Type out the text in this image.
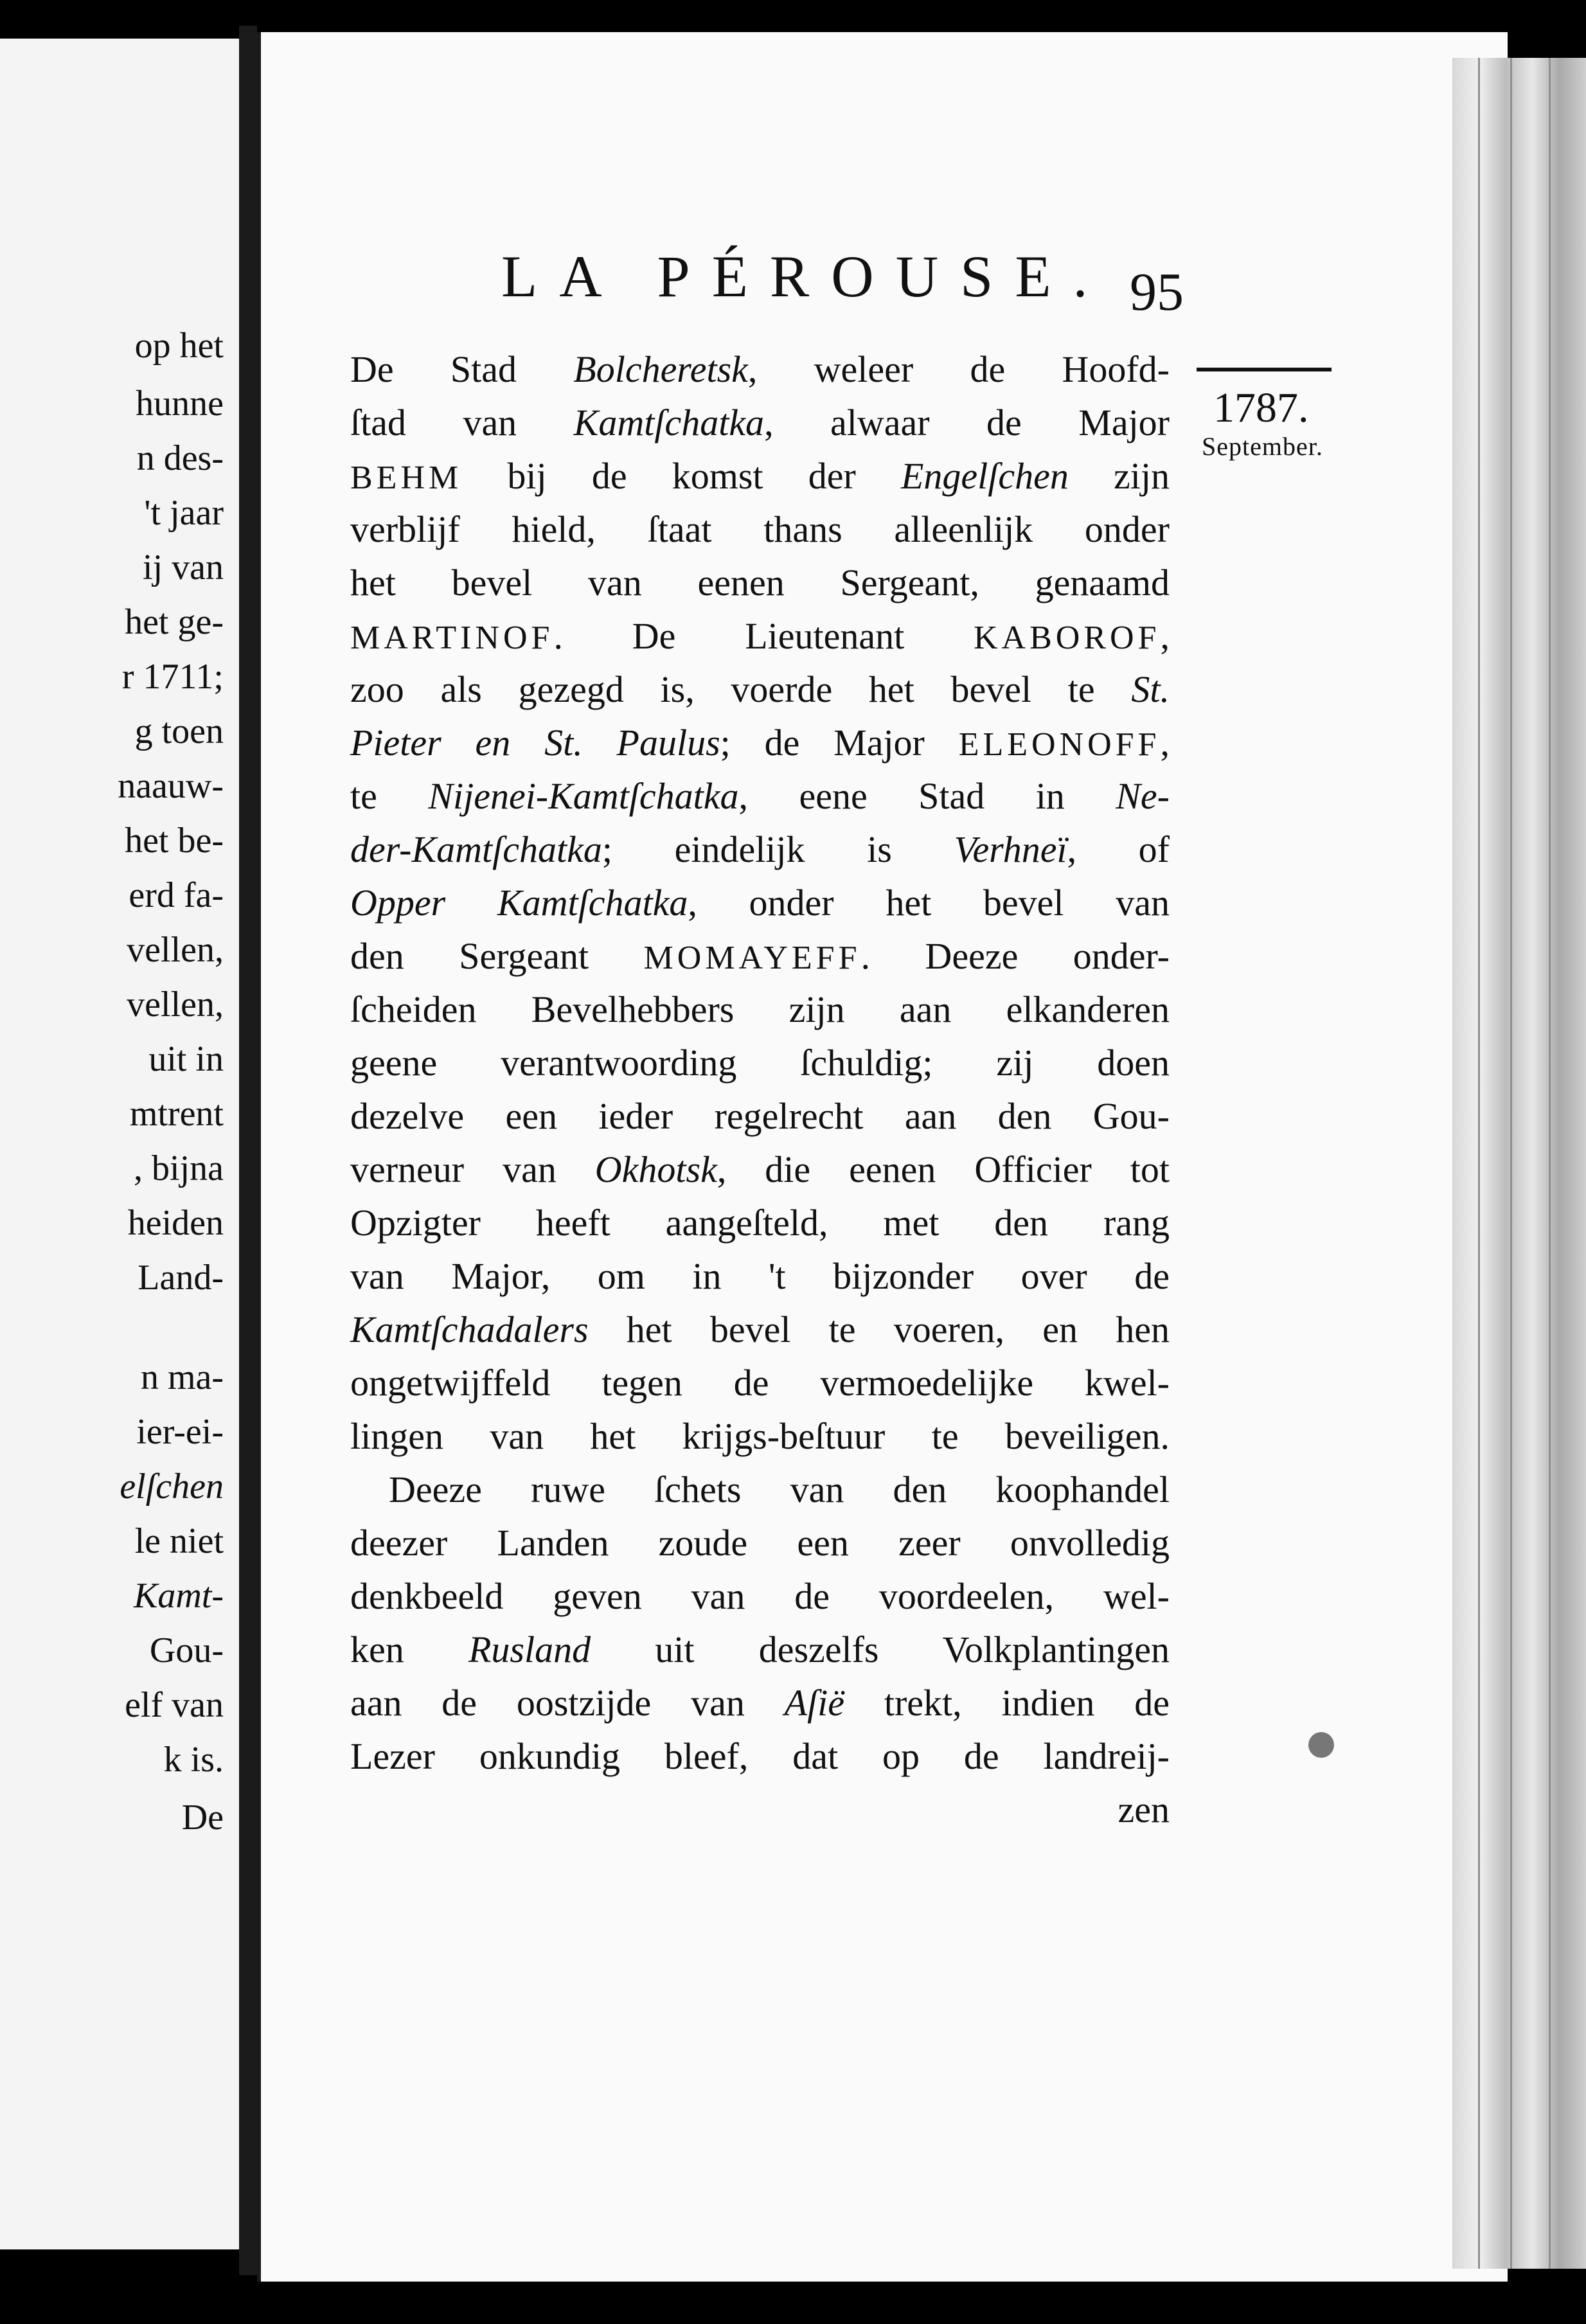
op het
hunne
n des-
't jaar
ij van
het ge-
r 1711;
g toen
naauw-
het be-
erd fa-
vellen,
vellen,
uit in
mtrent
, bijna
heiden
Land-
n ma-
ier-ei-
elſchen
le niet
Kamt-
Gou-
elf van
k is.
De
LA PÉROUSE. 95
1787.
September.
De Stad Bolcheretsk, weleer de Hoofd-
ſtad van Kamtſchatka, alwaar de Major
BEHM bij de komst der Engelſchen zijn
verblijf hield, ſtaat thans alleenlijk onder
het bevel van eenen Sergeant, genaamd
MARTINOF. De Lieutenant KABOROF,
zoo als gezegd is, voerde het bevel te St.
Pieter en St. Paulus; de Major ELEONOFF,
te Nijenei-Kamtſchatka, eene Stad in Ne-
der-Kamtſchatka; eindelijk is Verhneï, of
Opper Kamtſchatka, onder het bevel van
den Sergeant MOMAYEFF. Deeze onder-
ſcheiden Bevelhebbers zijn aan elkanderen
geene verantwoording ſchuldig; zij doen
dezelve een ieder regelrecht aan den Gou-
verneur van Okhotsk, die eenen Officier tot
Opzigter heeft aangeſteld, met den rang
van Major, om in 't bijzonder over de
Kamtſchadalers het bevel te voeren, en hen
ongetwijffeld tegen de vermoedelijke kwel-
lingen van het krijgs-beſtuur te beveiligen.
Deeze ruwe ſchets van den koophandel
deezer Landen zoude een zeer onvolledig
denkbeeld geven van de voordeelen, wel-
ken Rusland uit deszelfs Volkplantingen
aan de oostzijde van Aſië trekt, indien de
Lezer onkundig bleef, dat op de landreij-
zen
